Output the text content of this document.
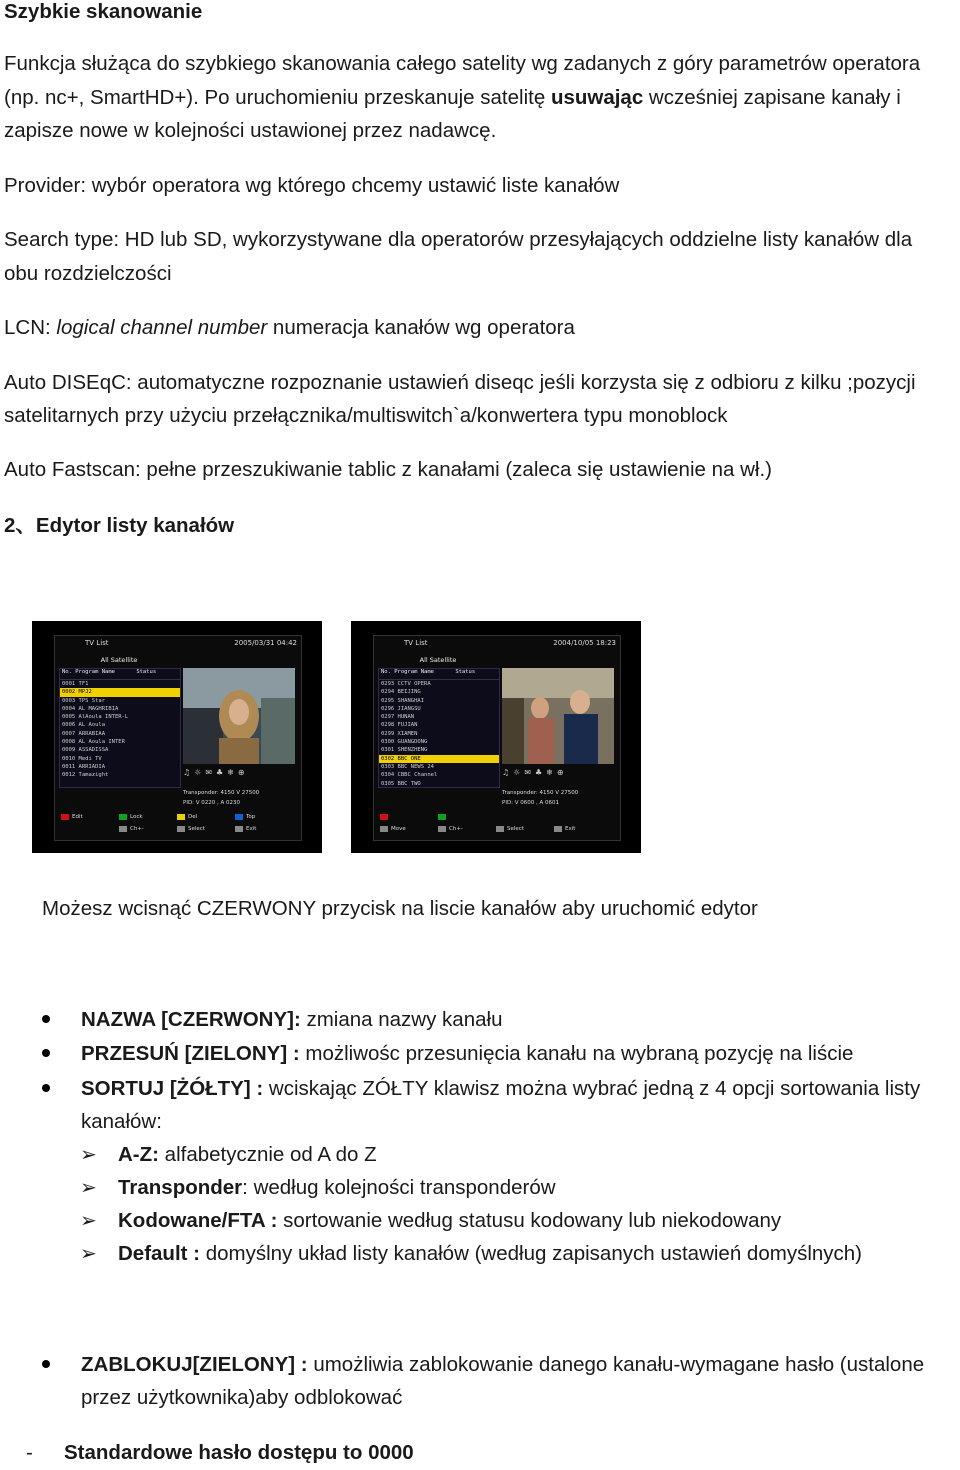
Szybkie skanowanie
Funkcja służąca do szybkiego skanowania całego satelity wg zadanych z góry parametrów operatora
(np. nc+, SmartHD+). Po uruchomieniu przeskanuje satelitę usuwając wcześniej zapisane kanały i
zapisze nowe w kolejności ustawionej przez nadawcę.
Provider: wybór operatora wg którego chcemy ustawić liste kanałów
Search type: HD lub SD, wykorzystywane dla operatorów przesyłających oddzielne listy kanałów dla
obu rozdzielczości
LCN: logical channel number numeracja kanałów wg operatora
Auto DISEqC: automatyczne rozpoznanie ustawień diseqc jeśli korzysta się z odbioru z kilku ;pozycji
satelitarnych przy użyciu przełącznika/multiswitch`a/konwertera typu monoblock
Auto Fastscan: pełne przeszukiwanie tablic z kanałami (zaleca się ustawienie na wł.)
2、Edytor listy kanałów
TV List	2005/03/31 04:42
All Satellite
No. Program Name	Status
0001 TF1
0002 MPJ2
0003 TPS Star
0004 AL MAGHRIBIA
0005 AlAoula INTER-L
0006 AL Aoula
0007 ARRABIAA
0008 AL Aoula INTER
0009 ASSADISSA
0010 Medi TV
0011 ARRIADIA
0012 Tamazight	♫☼✉♣❄⊕
Transponder: 4150 V 27500
PID: V 0220 , A 0230
Edit	Lock	Del	Top
Ch+-	Select	Exit
TV List	2004/10/05 18:23
All Satellite
No. Program Name	Status
0293 CCTV OPERA
0294 BEIJING
0295 SHANGHAI
0296 JIANGSU
0297 HUNAN
0298 FUJIAN
0299 XIAMEN
0300 GUANGDONG
0301 SHENZHENG
0302 BBC ONE
0303 BBC NEWS 24
0304 CBBC Channel
0305 BBC TWO
♫☼✉♣❄⊕
Transponder: 4150 V 27500
PID: V 0600 , A 0601
Move	Ch+-	Select	Exit
Możesz wcisnąć CZERWONY przycisk na liscie kanałów aby uruchomić edytor
NAZWA [CZERWONY]: zmiana nazwy kanału
PRZESUŃ [ZIELONY] : możliwośc przesunięcia kanału na wybraną pozycję na liście
SORTUJ [ŻÓŁTY] : wciskając ZÓŁTY klawisz można wybrać jedną z 4 opcji sortowania listy
kanałów:
➢ A-Z: alfabetycznie od A do Z
➢ Transponder: według kolejności transponderów
➢ Kodowane/FTA : sortowanie według statusu kodowany lub niekodowany
➢ Default : domyślny układ listy kanałów (według zapisanych ustawień domyślnych)
ZABLOKUJ[ZIELONY] : umożliwia zablokowanie danego kanału-wymagane hasło (ustalone
przez użytkownika)aby odblokować
- Standardowe hasło dostępu to 0000
